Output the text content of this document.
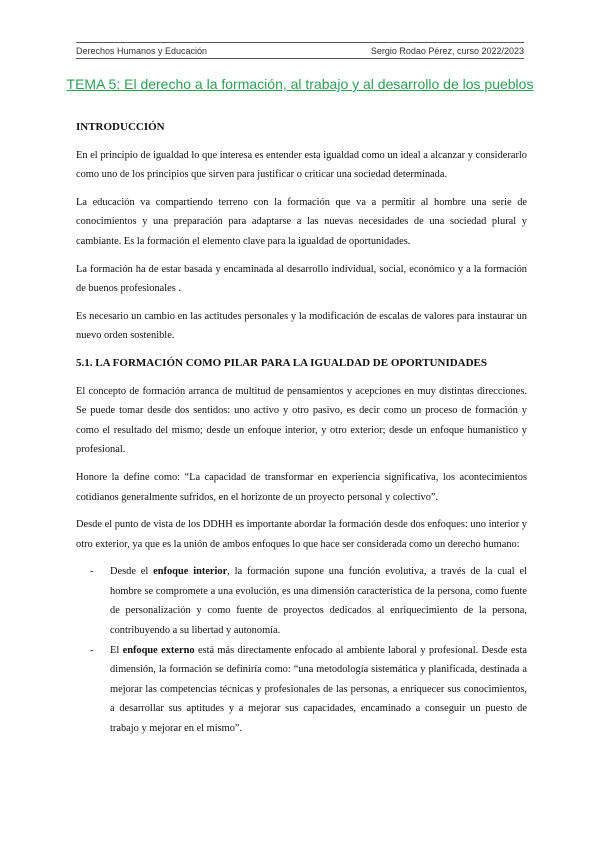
Derechos Humanos y Educación	Sergio Rodao Pérez, curso 2022/2023
TEMA 5: El derecho a la formación, al trabajo y al desarrollo de los pueblos

INTRODUCCIÓN

En el principio de igualdad lo que interesa es entender esta igualdad como un ideal a alcanzar y considerarlo como uno de los principios que sirven para justificar o criticar una sociedad determinada.

La educación va compartiendo terreno con la formación que va a permitir al hombre una serie de conocimientos y una preparación para adaptarse a las nuevas necesidades de una sociedad plural y cambiante. Es la formación el elemento clave para la igualdad de oportunidades.

La formación ha de estar basada y encaminada al desarrollo individual, social, económico y a la formación de buenos profesionales .

Es necesario un cambio en las actitudes personales y la modificación de escalas de valores para instaurar un nuevo orden sostenible.

5.1. LA FORMACIÓN COMO PILAR PARA LA IGUALDAD DE OPORTUNIDADES

El concepto de formación arranca de multitud de pensamientos y acepciones en muy distintas direcciones. Se puede tomar desde dos sentidos: uno activo y otro pasivo, es decir como un proceso de formación y como el resultado del mismo; desde un enfoque interior, y otro exterior; desde un enfoque humanístico y profesional.

Honore la define como: “La capacidad de transformar en experiencia significativa, los acontecimientos cotidianos generalmente sufridos, en el horizonte de un proyecto personal y colectivo”.

Desde el punto de vista de los DDHH es importante abordar la formación desde dos enfoques: uno interior y otro exterior, ya que es la unión de ambos enfoques lo que hace ser considerada como un derecho humano:

- Desde el enfoque interior, la formación supone una función evolutiva, a través de la cual el hombre se compromete a una evolución, es una dimensión característica de la persona, como fuente de personalización y como fuente de proyectos dedicados al enriquecimiento de la persona, contribuyendo a su libertad y autonomía.
- El enfoque externo está más directamente enfocado al ambiente laboral y profesional. Desde esta dimensión, la formación se definiría como: “una metodología sistemática y planificada, destinada a mejorar las competencias técnicas y profesionales de las personas, a enriquecer sus conocimientos, a desarrollar sus aptitudes y a mejorar sus capacidades, encaminado a conseguir un puesto de trabajo y mejorar en el mismo”.
